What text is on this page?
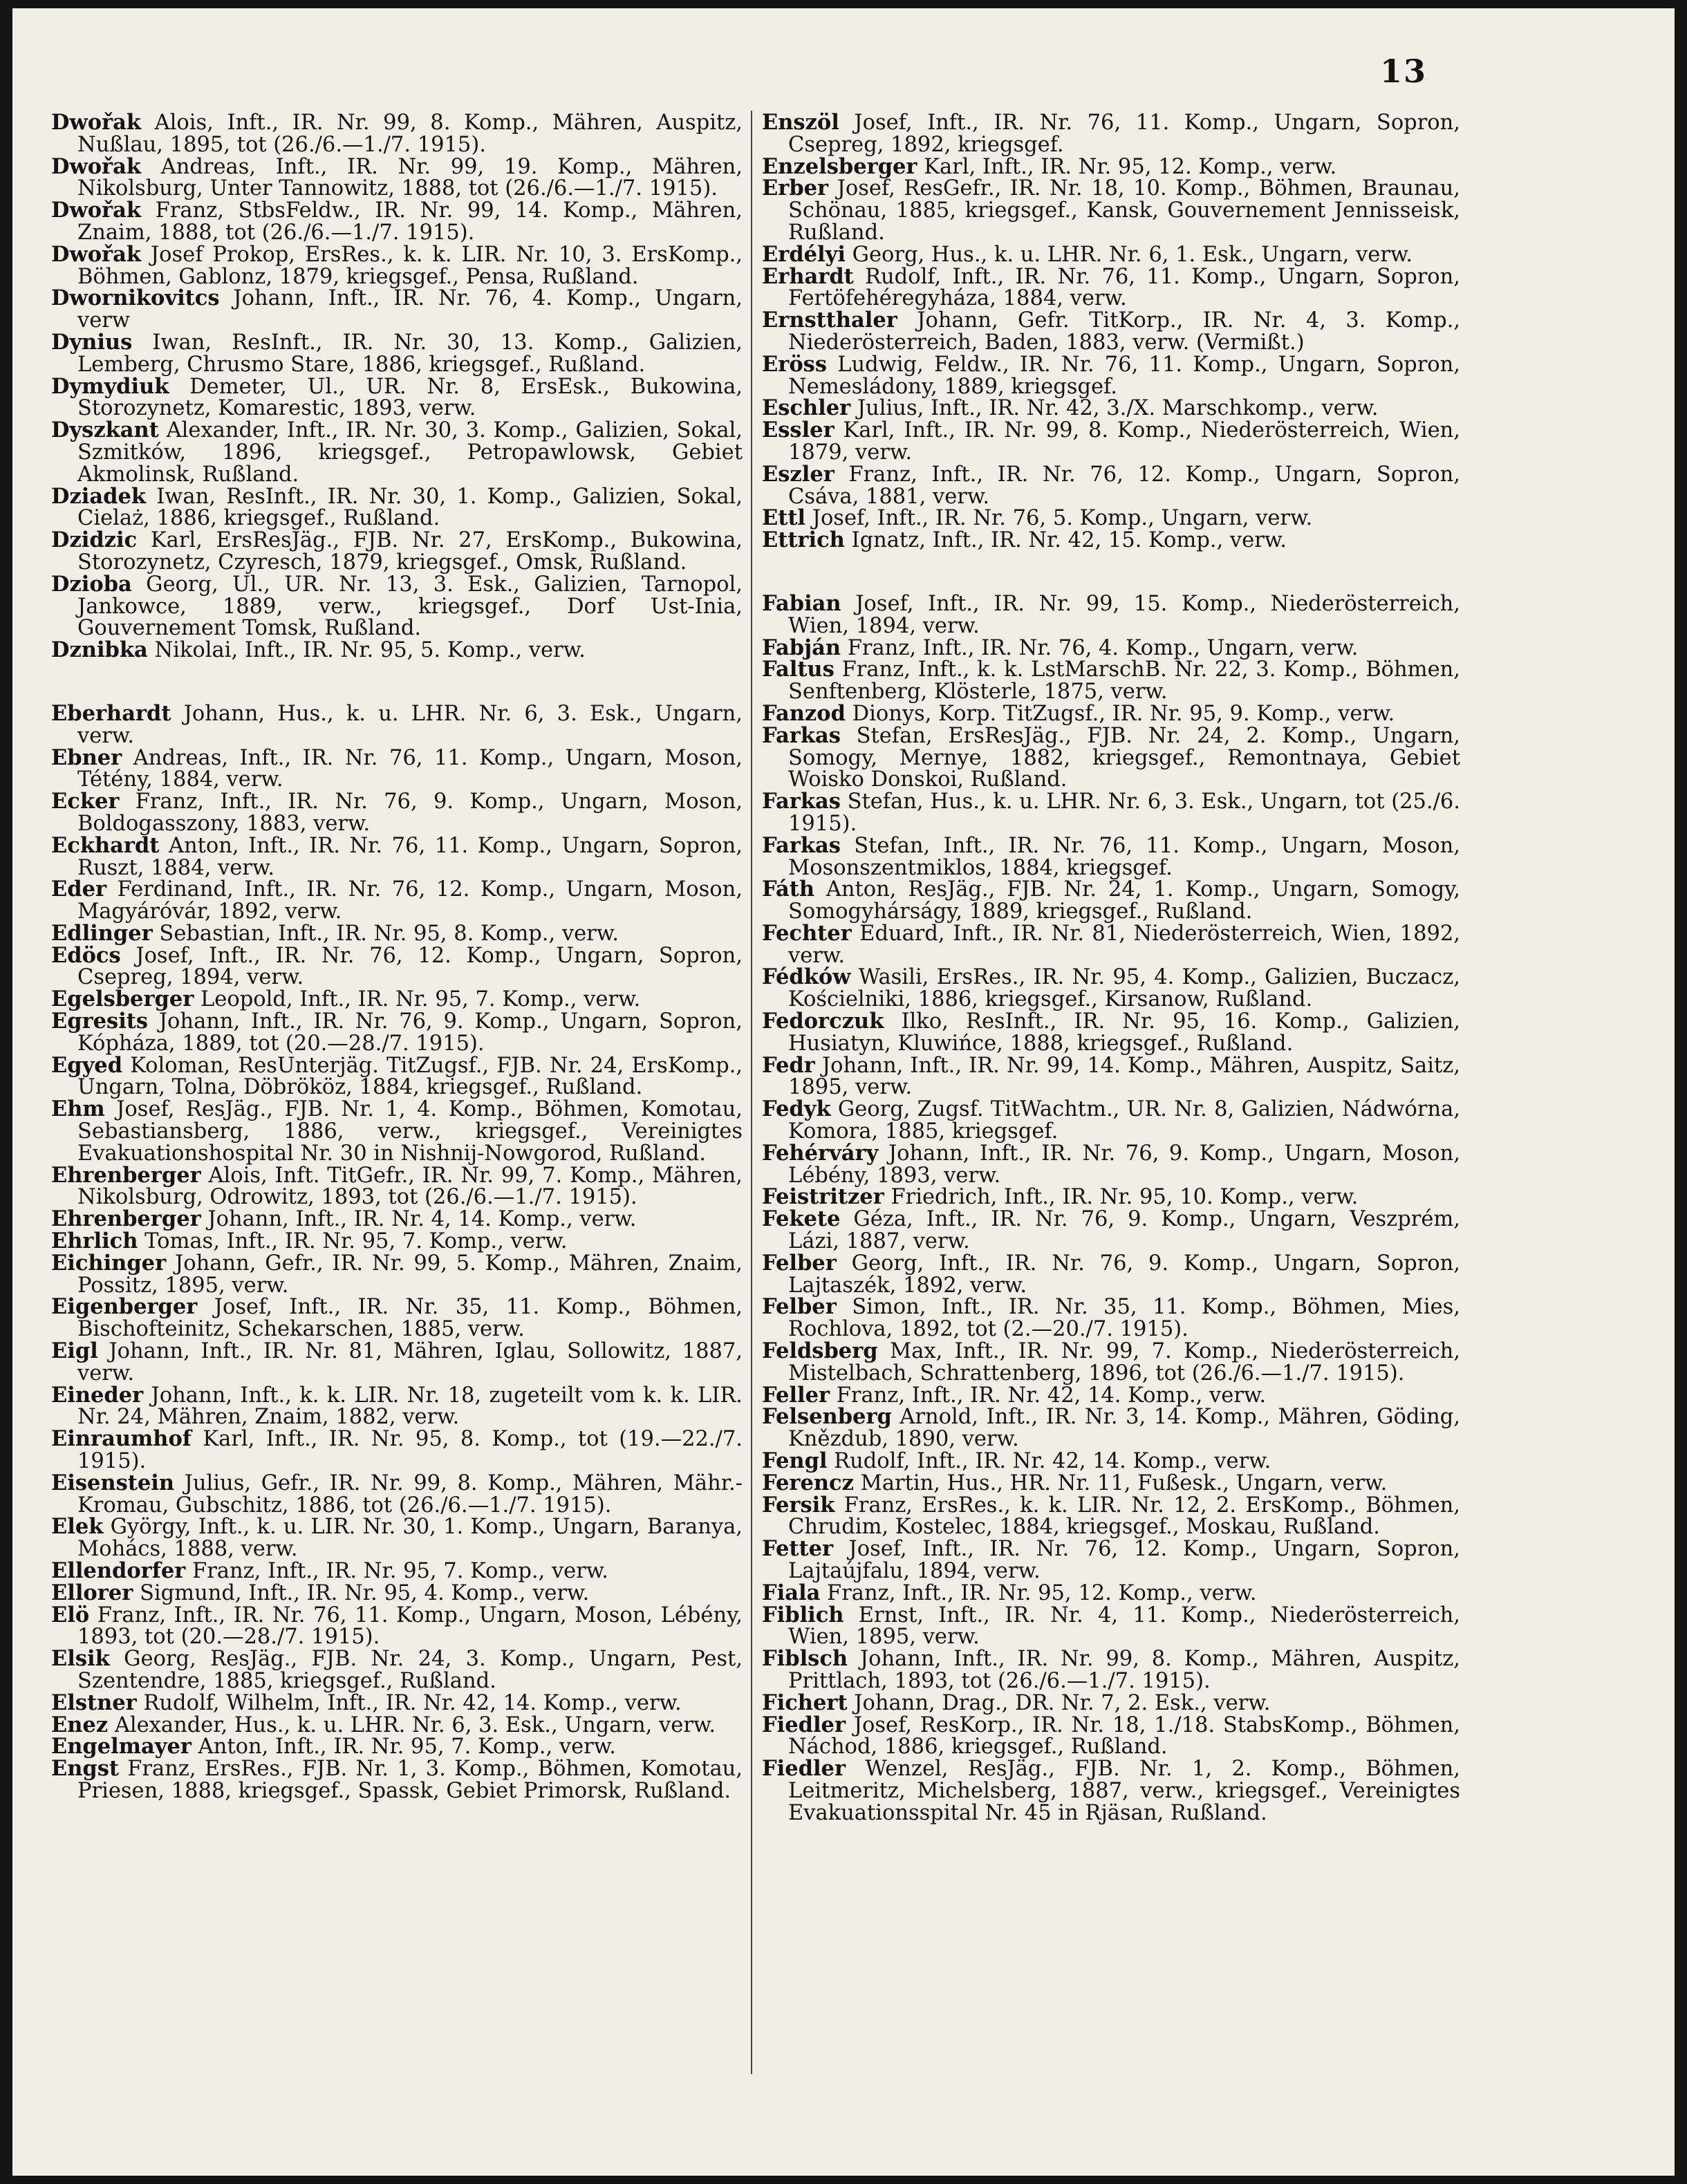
13

Dwořak Alois, Inft., IR. Nr. 99, 8. Komp., Mähren, Auspitz, Nußlau, 1895, tot (26./6.—1./7. 1915).

Dwořak Andreas, Inft., IR. Nr. 99, 19. Komp., Mähren, Nikolsburg, Unter Tannowitz, 1888, tot (26./6.—1./7. 1915).

Dwořak Franz, StbsFeldw., IR. Nr. 99, 14. Komp., Mähren, Znaim, 1888, tot (26./6.—1./7. 1915).

Dwořak Josef Prokop, ErsRes., k. k. LIR. Nr. 10, 3. ErsKomp., Böhmen, Gablonz, 1879, kriegsgef., Pensa, Rußland.

Dwornikovitcs Johann, Inft., IR. Nr. 76, 4. Komp., Ungarn, verw

Dynius Iwan, ResInft., IR. Nr. 30, 13. Komp., Galizien, Lemberg, Chrusmo Stare, 1886, kriegsgef., Rußland.

Dymydiuk Demeter, Ul., UR. Nr. 8, ErsEsk., Bukowina, Storozynetz, Komarestic, 1893, verw.

Dyszkant Alexander, Inft., IR. Nr. 30, 3. Komp., Galizien, Sokal, Szmitków, 1896, kriegsgef., Petropawlowsk, Gebiet Akmolinsk, Rußland.

Dziadek Iwan, ResInft., IR. Nr. 30, 1. Komp., Galizien, Sokal, Cielaż, 1886, kriegsgef., Rußland.

Dzidzic Karl, ErsResJäg., FJB. Nr. 27, ErsKomp., Bukowina, Storozynetz, Czyresch, 1879, kriegsgef., Omsk, Rußland.

Dzioba Georg, Ul., UR. Nr. 13, 3. Esk., Galizien, Tarnopol, Jankowce, 1889, verw., kriegsgef., Dorf Ust-Inia, Gouvernement Tomsk, Rußland.

Dznibka Nikolai, Inft., IR. Nr. 95, 5. Komp., verw.

Eberhardt Johann, Hus., k. u. LHR. Nr. 6, 3. Esk., Ungarn, verw.

Ebner Andreas, Inft., IR. Nr. 76, 11. Komp., Ungarn, Moson, Tétény, 1884, verw.

Ecker Franz, Inft., IR. Nr. 76, 9. Komp., Ungarn, Moson, Boldogasszony, 1883, verw.

Eckhardt Anton, Inft., IR. Nr. 76, 11. Komp., Ungarn, Sopron, Ruszt, 1884, verw.

Eder Ferdinand, Inft., IR. Nr. 76, 12. Komp., Ungarn, Moson, Magyáróvár, 1892, verw.

Edlinger Sebastian, Inft., IR. Nr. 95, 8. Komp., verw.

Edöcs Josef, Inft., IR. Nr. 76, 12. Komp., Ungarn, Sopron, Csepreg, 1894, verw.

Egelsberger Leopold, Inft., IR. Nr. 95, 7. Komp., verw.

Egresits Johann, Inft., IR. Nr. 76, 9. Komp., Ungarn, Sopron, Kópháza, 1889, tot (20.—28./7. 1915).

Egyed Koloman, ResUnterjäg. TitZugsf., FJB. Nr. 24, ErsKomp., Ungarn, Tolna, Döbrököz, 1884, kriegsgef., Rußland.

Ehm Josef, ResJäg., FJB. Nr. 1, 4. Komp., Böhmen, Komotau, Sebastiansberg, 1886, verw., kriegsgef., Vereinigtes Evakuationshospital Nr. 30 in Nishnij-Nowgorod, Rußland.

Ehrenberger Alois, Inft. TitGefr., IR. Nr. 99, 7. Komp., Mähren, Nikolsburg, Odrowitz, 1893, tot (26./6.—1./7. 1915).

Ehrenberger Johann, Inft., IR. Nr. 4, 14. Komp., verw.

Ehrlich Tomas, Inft., IR. Nr. 95, 7. Komp., verw.

Eichinger Johann, Gefr., IR. Nr. 99, 5. Komp., Mähren, Znaim, Possitz, 1895, verw.

Eigenberger Josef, Inft., IR. Nr. 35, 11. Komp., Böhmen, Bischofteinitz, Schekarschen, 1885, verw.

Eigl Johann, Inft., IR. Nr. 81, Mähren, Iglau, Sollowitz, 1887, verw.

Eineder Johann, Inft., k. k. LIR. Nr. 18, zugeteilt vom k. k. LIR. Nr. 24, Mähren, Znaim, 1882, verw.

Einraumhof Karl, Inft., IR. Nr. 95, 8. Komp., tot (19.—22./7. 1915).

Eisenstein Julius, Gefr., IR. Nr. 99, 8. Komp., Mähren, Mähr.-Kromau, Gubschitz, 1886, tot (26./6.—1./7. 1915).

Elek György, Inft., k. u. LIR. Nr. 30, 1. Komp., Ungarn, Baranya, Mohács, 1888, verw.

Ellendorfer Franz, Inft., IR. Nr. 95, 7. Komp., verw.

Ellorer Sigmund, Inft., IR. Nr. 95, 4. Komp., verw.

Elö Franz, Inft., IR. Nr. 76, 11. Komp., Ungarn, Moson, Lébény, 1893, tot (20.—28./7. 1915).

Elsik Georg, ResJäg., FJB. Nr. 24, 3. Komp., Ungarn, Pest, Szentendre, 1885, kriegsgef., Rußland.

Elstner Rudolf, Wilhelm, Inft., IR. Nr. 42, 14. Komp., verw.

Enez Alexander, Hus., k. u. LHR. Nr. 6, 3. Esk., Ungarn, verw.

Engelmayer Anton, Inft., IR. Nr. 95, 7. Komp., verw.

Engst Franz, ErsRes., FJB. Nr. 1, 3. Komp., Böhmen, Komotau, Priesen, 1888, kriegsgef., Spassk, Gebiet Primorsk, Rußland.

Enszöl Josef, Inft., IR. Nr. 76, 11. Komp., Ungarn, Sopron, Csepreg, 1892, kriegsgef.

Enzelsberger Karl, Inft., IR. Nr. 95, 12. Komp., verw.

Erber Josef, ResGefr., IR. Nr. 18, 10. Komp., Böhmen, Braunau, Schönau, 1885, kriegsgef., Kansk, Gouvernement Jennisseisk, Rußland.

Erdélyi Georg, Hus., k. u. LHR. Nr. 6, 1. Esk., Ungarn, verw.

Erhardt Rudolf, Inft., IR. Nr. 76, 11. Komp., Ungarn, Sopron, Fertöfehéregyháza, 1884, verw.

Ernstthaler Johann, Gefr. TitKorp., IR. Nr. 4, 3. Komp., Niederösterreich, Baden, 1883, verw. (Vermißt.)

Eröss Ludwig, Feldw., IR. Nr. 76, 11. Komp., Ungarn, Sopron, Nemesládony, 1889, kriegsgef.

Eschler Julius, Inft., IR. Nr. 42, 3./X. Marschkomp., verw.

Essler Karl, Inft., IR. Nr. 99, 8. Komp., Niederösterreich, Wien, 1879, verw.

Eszler Franz, Inft., IR. Nr. 76, 12. Komp., Ungarn, Sopron, Csáva, 1881, verw.

Ettl Josef, Inft., IR. Nr. 76, 5. Komp., Ungarn, verw.

Ettrich Ignatz, Inft., IR. Nr. 42, 15. Komp., verw.

Fabian Josef, Inft., IR. Nr. 99, 15. Komp., Niederösterreich, Wien, 1894, verw.

Fabján Franz, Inft., IR. Nr. 76, 4. Komp., Ungarn, verw.

Faltus Franz, Inft., k. k. LstMarschB. Nr. 22, 3. Komp., Böhmen, Senftenberg, Klösterle, 1875, verw.

Fanzod Dionys, Korp. TitZugsf., IR. Nr. 95, 9. Komp., verw.

Farkas Stefan, ErsResJäg., FJB. Nr. 24, 2. Komp., Ungarn, Somogy, Mernye, 1882, kriegsgef., Remontnaya, Gebiet Woisko Donskoi, Rußland.

Farkas Stefan, Hus., k. u. LHR. Nr. 6, 3. Esk., Ungarn, tot (25./6. 1915).

Farkas Stefan, Inft., IR. Nr. 76, 11. Komp., Ungarn, Moson, Mosonszentmiklos, 1884, kriegsgef.

Fáth Anton, ResJäg., FJB. Nr. 24, 1. Komp., Ungarn, Somogy, Somogyhárságy, 1889, kriegsgef., Rußland.

Fechter Eduard, Inft., IR. Nr. 81, Niederösterreich, Wien, 1892, verw.

Fédków Wasili, ErsRes., IR. Nr. 95, 4. Komp., Galizien, Buczacz, Kościelniki, 1886, kriegsgef., Kirsanow, Rußland.

Fedorczuk Ilko, ResInft., IR. Nr. 95, 16. Komp., Galizien, Husiatyn, Kluwińce, 1888, kriegsgef., Rußland.

Fedr Johann, Inft., IR. Nr. 99, 14. Komp., Mähren, Auspitz, Saitz, 1895, verw.

Fedyk Georg, Zugsf. TitWachtm., UR. Nr. 8, Galizien, Nádwórna, Komora, 1885, kriegsgef.

Fehérváry Johann, Inft., IR. Nr. 76, 9. Komp., Ungarn, Moson, Lébény, 1893, verw.

Feistritzer Friedrich, Inft., IR. Nr. 95, 10. Komp., verw.

Fekete Géza, Inft., IR. Nr. 76, 9. Komp., Ungarn, Veszprém, Lázi, 1887, verw.

Felber Georg, Inft., IR. Nr. 76, 9. Komp., Ungarn, Sopron, Lajtaszék, 1892, verw.

Felber Simon, Inft., IR. Nr. 35, 11. Komp., Böhmen, Mies, Rochlova, 1892, tot (2.—20./7. 1915).

Feldsberg Max, Inft., IR. Nr. 99, 7. Komp., Niederösterreich, Mistelbach, Schrattenberg, 1896, tot (26./6.—1./7. 1915).

Feller Franz, Inft., IR. Nr. 42, 14. Komp., verw.

Felsenberg Arnold, Inft., IR. Nr. 3, 14. Komp., Mähren, Göding, Knězdub, 1890, verw.

Fengl Rudolf, Inft., IR. Nr. 42, 14. Komp., verw.

Ferencz Martin, Hus., HR. Nr. 11, Fußesk., Ungarn, verw.

Fersik Franz, ErsRes., k. k. LIR. Nr. 12, 2. ErsKomp., Böhmen, Chrudim, Kostelec, 1884, kriegsgef., Moskau, Rußland.

Fetter Josef, Inft., IR. Nr. 76, 12. Komp., Ungarn, Sopron, Lajtaújfalu, 1894, verw.

Fiala Franz, Inft., IR. Nr. 95, 12. Komp., verw.

Fiblich Ernst, Inft., IR. Nr. 4, 11. Komp., Niederösterreich, Wien, 1895, verw.

Fiblsch Johann, Inft., IR. Nr. 99, 8. Komp., Mähren, Auspitz, Prittlach, 1893, tot (26./6.—1./7. 1915).

Fichert Johann, Drag., DR. Nr. 7, 2. Esk., verw.

Fiedler Josef, ResKorp., IR. Nr. 18, 1./18. StabsKomp., Böhmen, Náchod, 1886, kriegsgef., Rußland.

Fiedler Wenzel, ResJäg., FJB. Nr. 1, 2. Komp., Böhmen, Leitmeritz, Michelsberg, 1887, verw., kriegsgef., Vereinigtes Evakuationsspital Nr. 45 in Rjäsan, Rußland.
